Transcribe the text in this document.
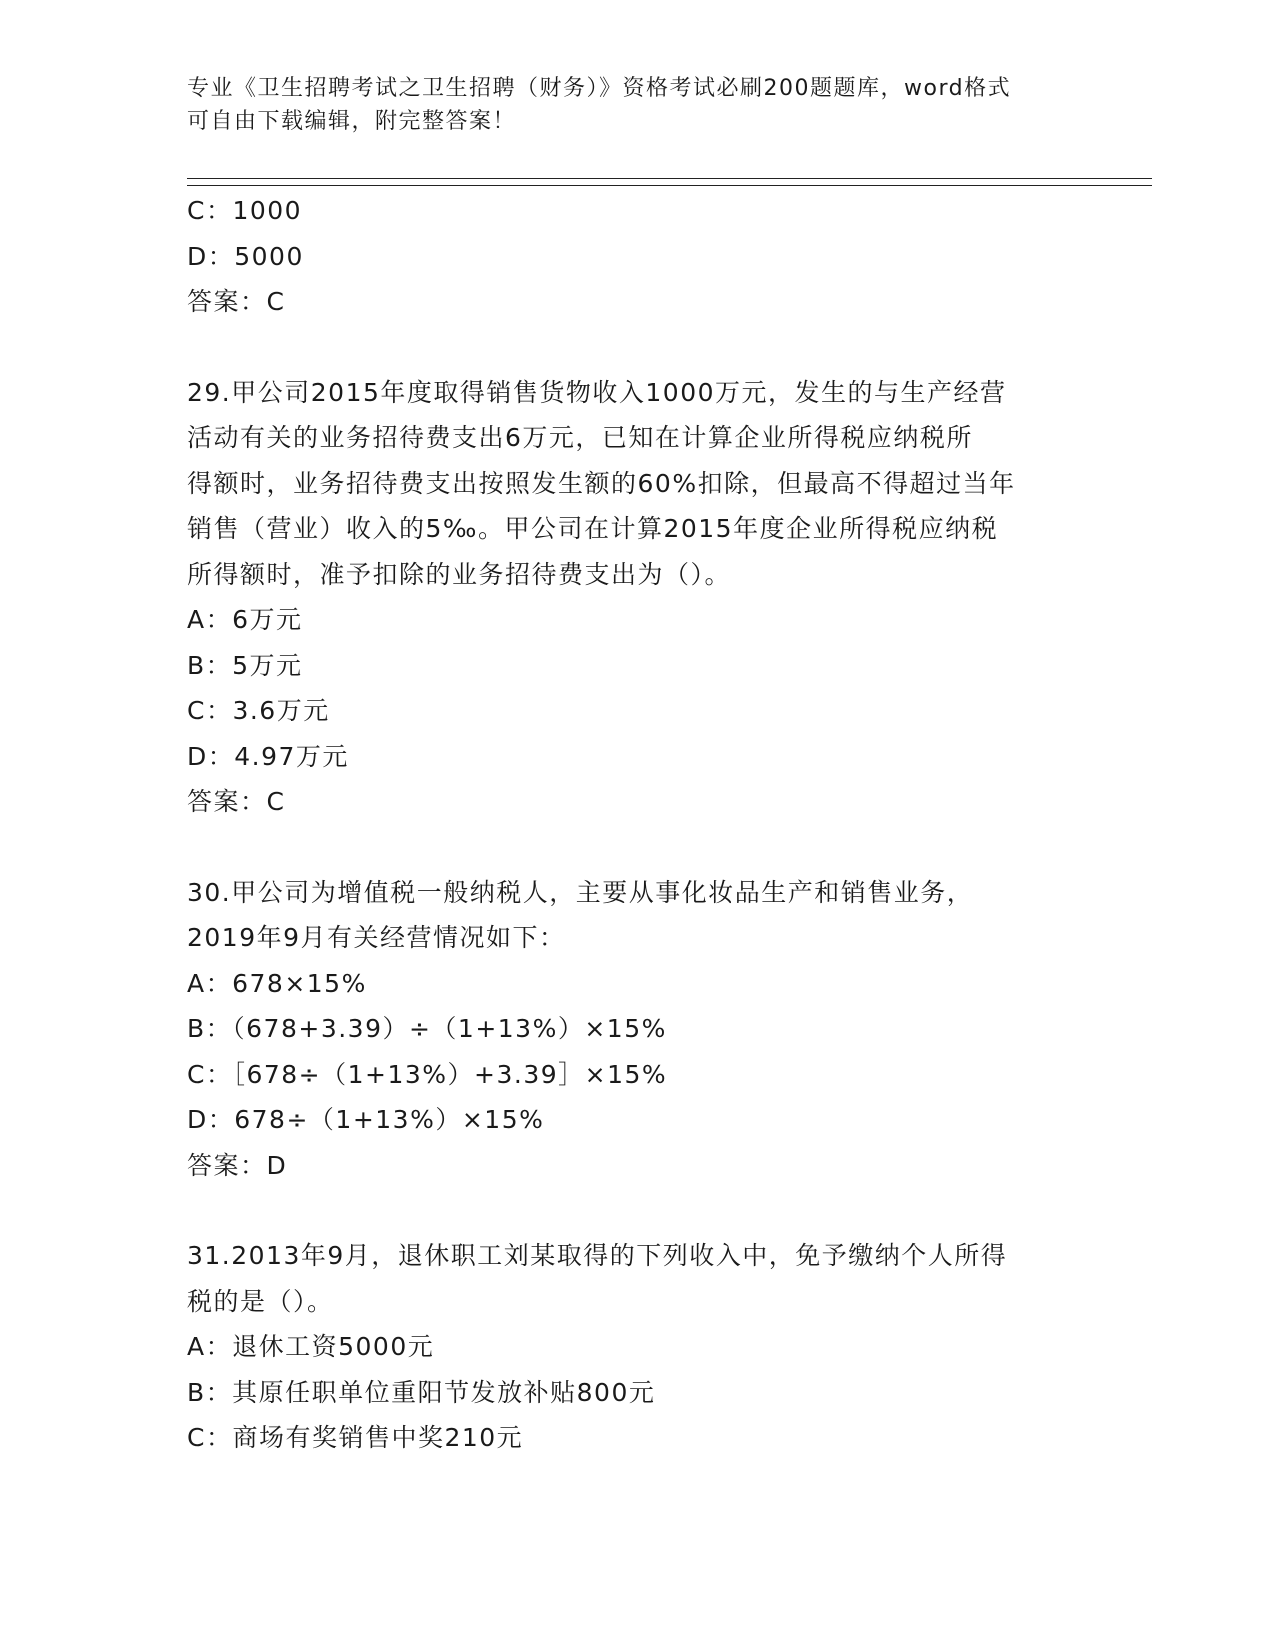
专业《卫生招聘考试之卫生招聘（财务）》资格考试必刷200题题库，word格式
可自由下载编辑，附完整答案！

C：1000

D：5000

答案：C

29.甲公司2015年度取得销售货物收入1000万元，发生的与生产经营

活动有关的业务招待费支出6万元，已知在计算企业所得税应纳税所

得额时，业务招待费支出按照发生额的60%扣除，但最高不得超过当年

销售（营业）收入的5‰。甲公司在计算2015年度企业所得税应纳税

所得额时，准予扣除的业务招待费支出为（）。

A：6万元

B：5万元

C：3.6万元

D：4.97万元

答案：C

30.甲公司为增值税一般纳税人，主要从事化妆品生产和销售业务，

2019年9月有关经营情况如下：

A：678×15%

B：（678+3.39）÷（1+13%）×15%

C：［678÷（1+13%）+3.39］×15%

D：678÷（1+13%）×15%

答案：D

31.2013年9月，退休职工刘某取得的下列收入中，免予缴纳个人所得

税的是（）。

A：退休工资5000元

B：其原任职单位重阳节发放补贴800元

C：商场有奖销售中奖210元
